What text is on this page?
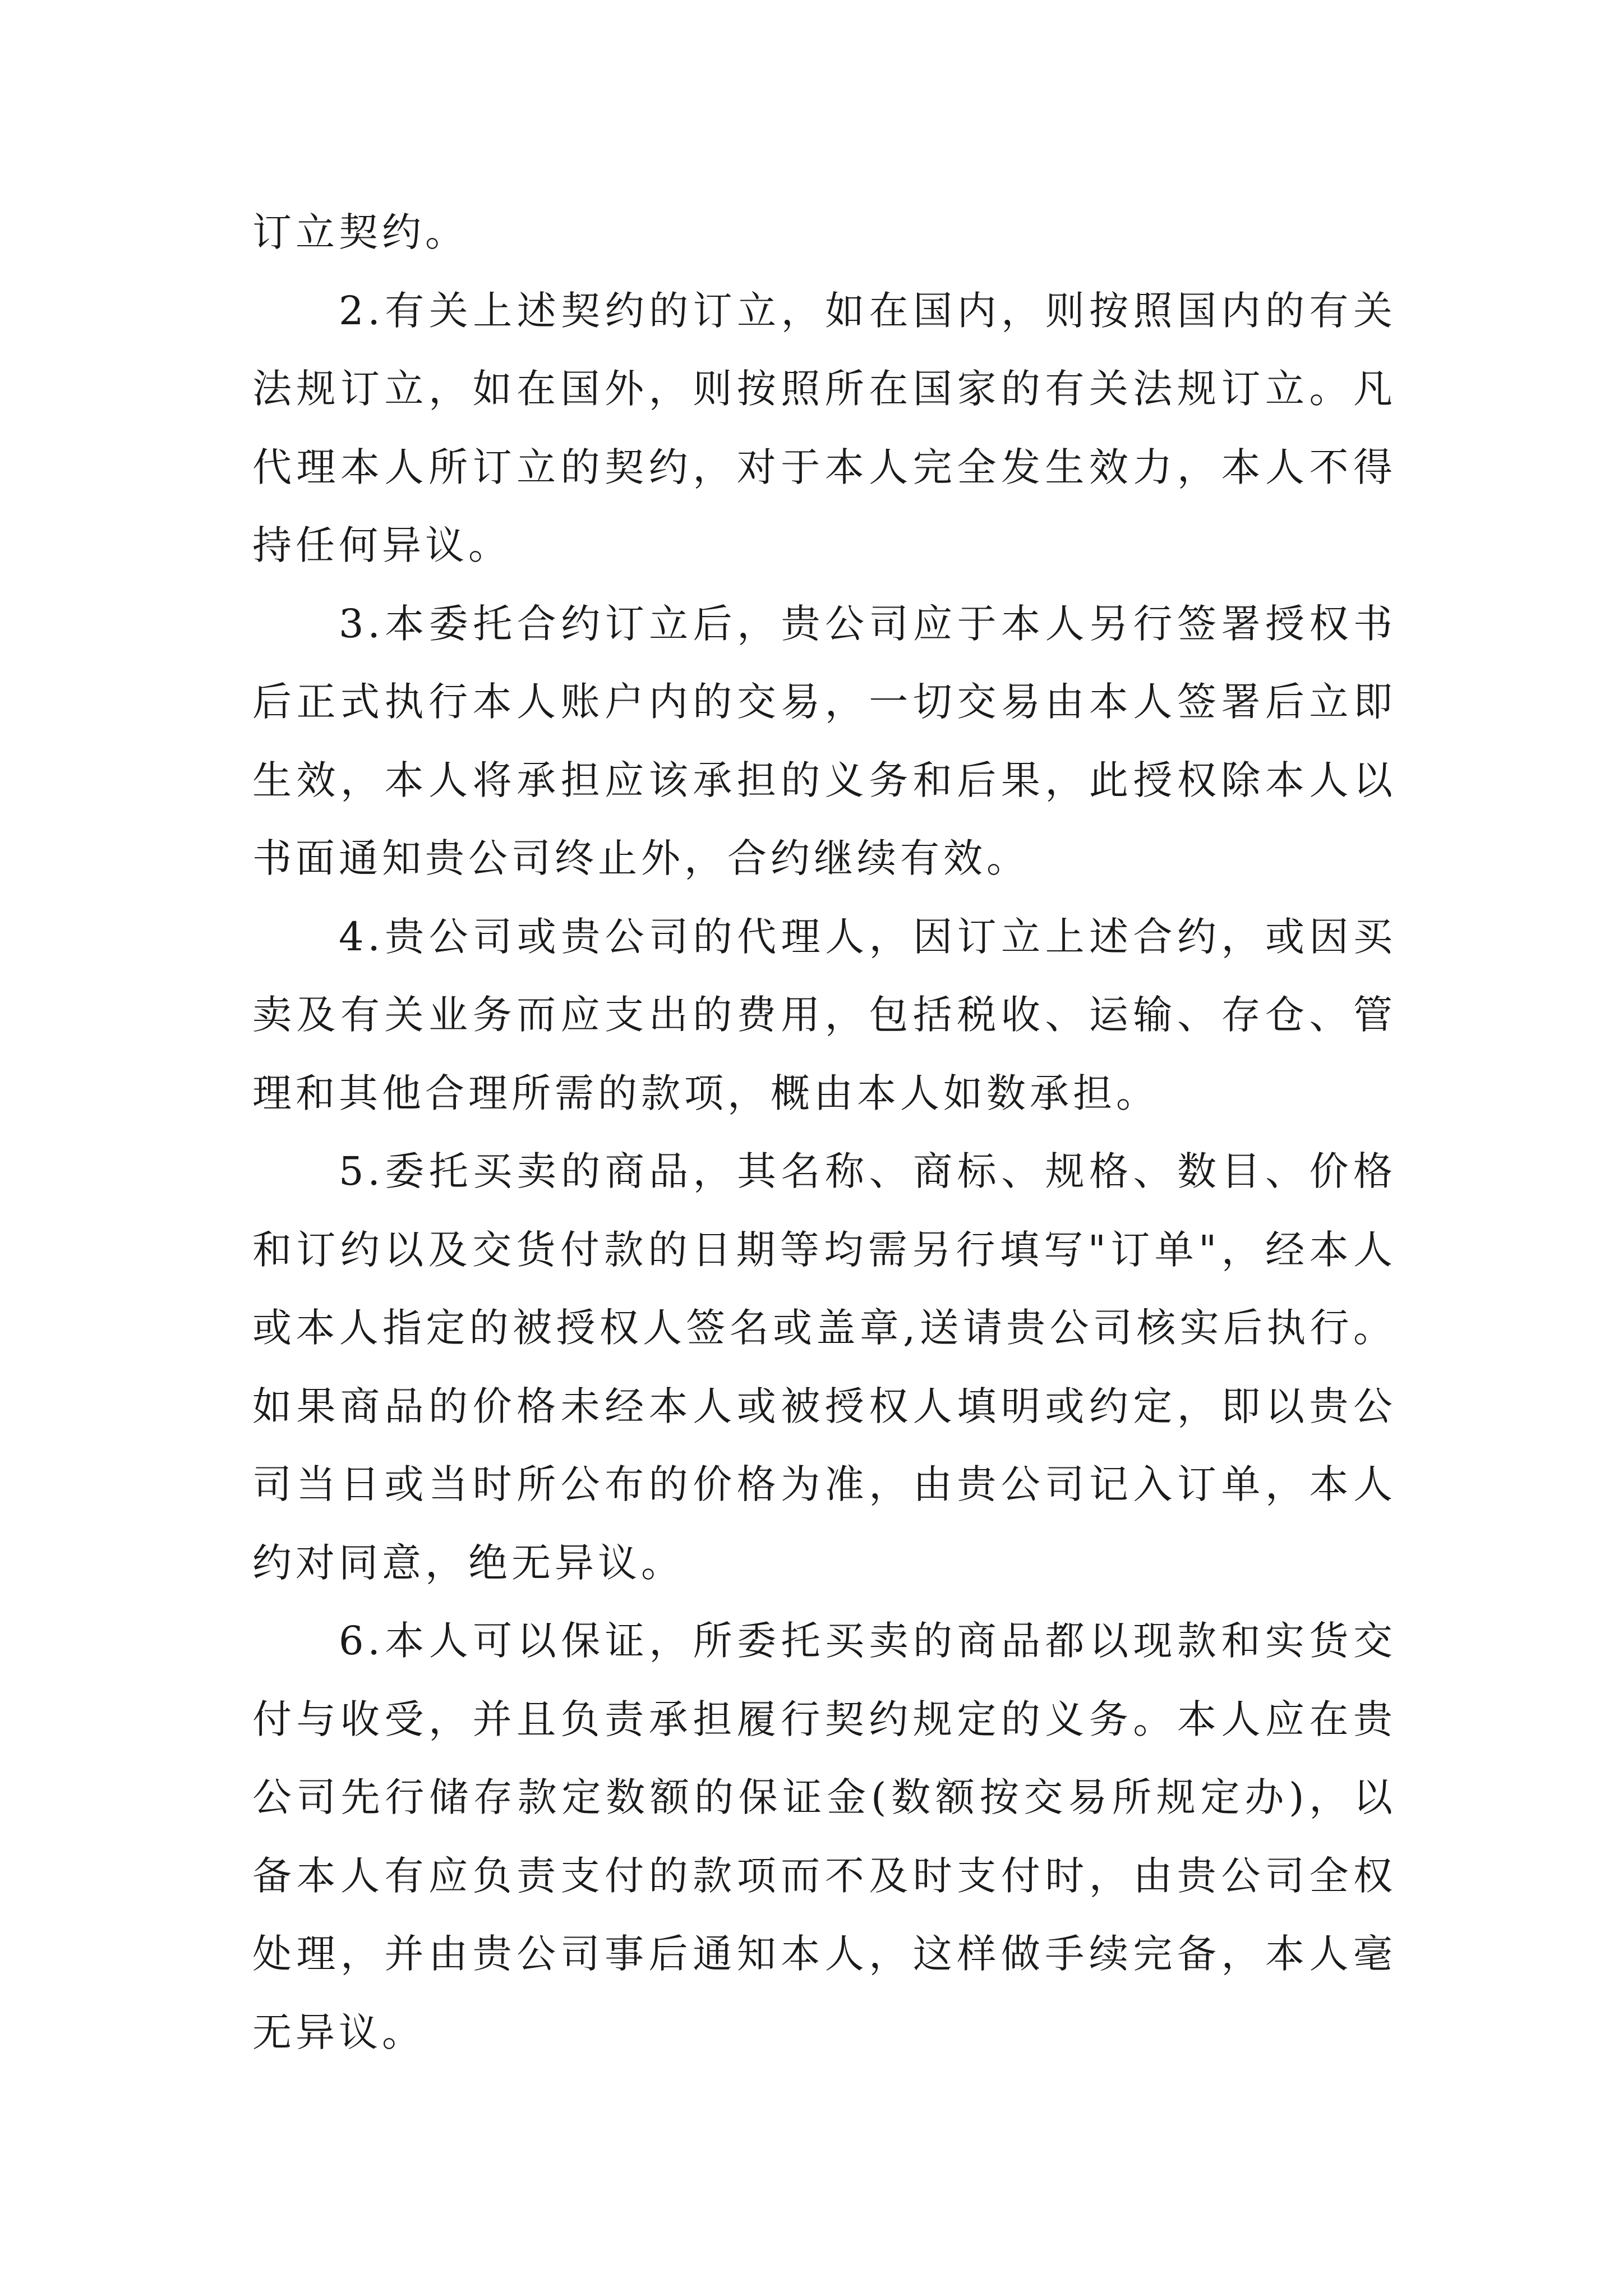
订立契约。

2.有关上述契约的订立，如在国内，则按照国内的有关法规订立，如在国外，则按照所在国家的有关法规订立。凡代理本人所订立的契约，对于本人完全发生效力，本人不得持任何异议。

3.本委托合约订立后，贵公司应于本人另行签署授权书后正式执行本人账户内的交易，一切交易由本人签署后立即生效，本人将承担应该承担的义务和后果，此授权除本人以书面通知贵公司终止外，合约继续有效。

4.贵公司或贵公司的代理人，因订立上述合约，或因买卖及有关业务而应支出的费用，包括税收、运输、存仓、管理和其他合理所需的款项，概由本人如数承担。

5.委托买卖的商品，其名称、商标、规格、数目、价格和订约以及交货付款的日期等均需另行填写"订单"，经本人或本人指定的被授权人签名或盖章,送请贵公司核实后执行。如果商品的价格未经本人或被授权人填明或约定，即以贵公司当日或当时所公布的价格为准，由贵公司记入订单，本人约对同意，绝无异议。

6.本人可以保证，所委托买卖的商品都以现款和实货交付与收受，并且负责承担履行契约规定的义务。本人应在贵公司先行储存款定数额的保证金(数额按交易所规定办)，以备本人有应负责支付的款项而不及时支付时，由贵公司全权处理，并由贵公司事后通知本人，这样做手续完备，本人毫无异议。
